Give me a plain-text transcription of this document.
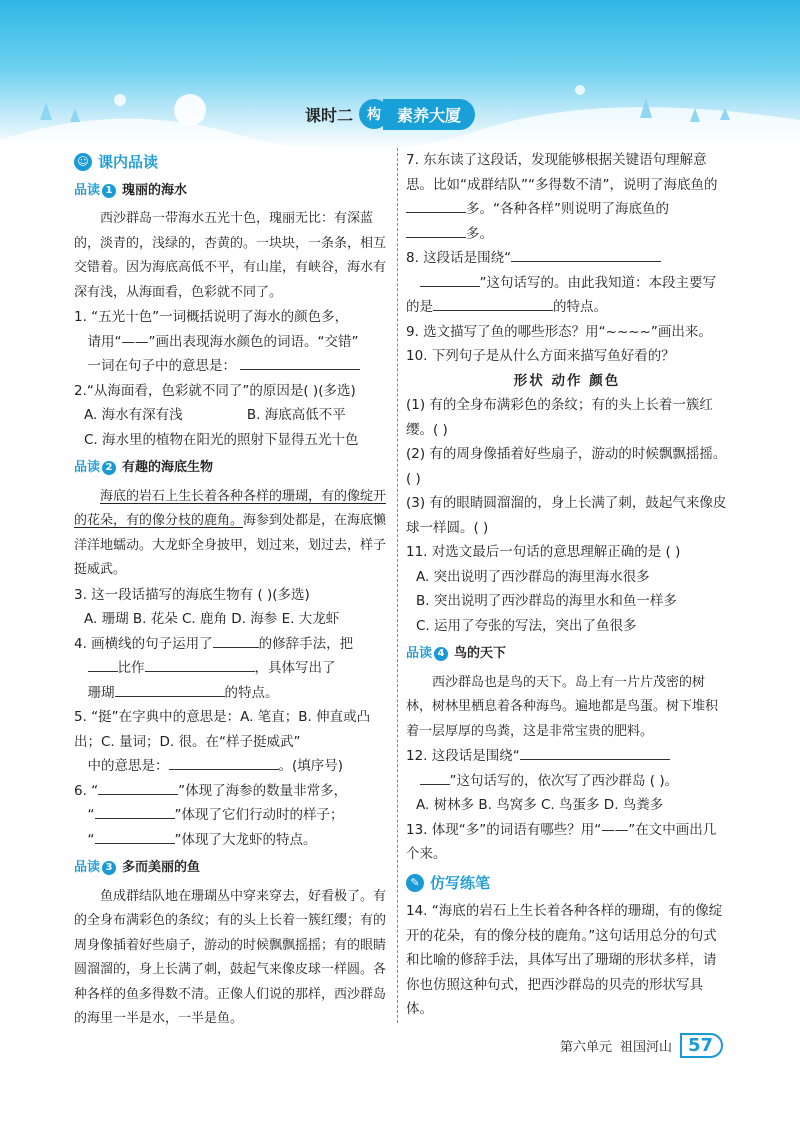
课时二	构	素养大厦
☺ 课内品读
品读 1 瑰丽的海水

西沙群岛一带海水五光十色，瑰丽无比：有深蓝的，淡青的，浅绿的，杏黄的。一块块，一条条，相互交错着。因为海底高低不平，有山崖，有峡谷，海水有深有浅，从海面看，色彩就不同了。

1. “五光十色”一词概括说明了海水的颜色多，
请用“——”画出表现海水颜色的词语。“交错”
一词在句子中的意思是：

2.“从海面看，色彩就不同了”的原因是( )(多选)

A. 海水有深有浅	B. 海底高低不平
C. 海水里的植物在阳光的照射下显得五光十色
品读 2 有趣的海底生物

海底的岩石上生长着各种各样的珊瑚，有的像绽开的花朵，有的像分枝的鹿角。海参到处都是，在海底懒洋洋地蠕动。大龙虾全身披甲，划过来，划过去，样子挺威武。

3. 这一段话描写的海底生物有 ( )(多选)

A. 珊瑚 B. 花朵 C. 鹿角 D. 海参 E. 大龙虾

4. 画横线的句子运用了	的修辞手法，把
比作	，具体写出了
珊瑚	的特点。

5. “挺”在字典中的意思是：A. 笔直；B. 伸直或凸出；C. 量词；D. 很。在“样子挺威武”
中的意思是：	。(填序号)

6. “	”体现了海参的数量非常多，
“	”体现了它们行动时的样子；
“	”体现了大龙虾的特点。

品读 3 多而美丽的鱼

鱼成群结队地在珊瑚丛中穿来穿去，好看极了。有的全身布满彩色的条纹；有的头上长着一簇红缨；有的周身像插着好些扇子，游动的时候飘飘摇摇；有的眼睛圆溜溜的，身上长满了刺，鼓起气来像皮球一样圆。各种各样的鱼多得数不清。正像人们说的那样，西沙群岛的海里一半是水，一半是鱼。

7. 东东读了这段话，发现能够根据关键语句理解意思。比如“成群结队”“多得数不清”，说明了海底鱼的多。“各种各样”则说明了海底鱼的多。

8. 这段话是围绕“
”这句话写的。由此我知道：本段主要写的是	的特点。

9. 选文描写了鱼的哪些形态？用“~~~~”画出来。

10. 下列句子是从什么方面来描写鱼好看的？

形状 动作 颜色

(1) 有的全身布满彩色的条纹；有的头上长着一簇红缨。( )

(2) 有的周身像插着好些扇子，游动的时候飘飘摇摇。( )

(3) 有的眼睛圆溜溜的，身上长满了刺，鼓起气来像皮球一样圆。( )

11. 对选文最后一句话的意思理解正确的是 ( )

A. 突出说明了西沙群岛的海里海水很多
B. 突出说明了西沙群岛的海里水和鱼一样多
C. 运用了夸张的写法，突出了鱼很多
品读 4 鸟的天下

西沙群岛也是鸟的天下。岛上有一片片茂密的树林，树林里栖息着各种海鸟。遍地都是鸟蛋。树下堆积着一层厚厚的鸟粪，这是非常宝贵的肥料。

12. 这段话是围绕“
”这句话写的，依次写了西沙群岛 ( )。

A. 树林多 B. 鸟窝多 C. 鸟蛋多 D. 鸟粪多

13. 体现“多”的词语有哪些？用“——”在文中画出几个来。

✎ 仿写练笔

14. “海底的岩石上生长着各种各样的珊瑚，有的像绽开的花朵，有的像分枝的鹿角。”这句话用总分的句式和比喻的修辞手法，具体写出了珊瑚的形状多样，请你也仿照这种句式，把西沙群岛的贝壳的形状写具体。

第六单元 祖国河山 57
